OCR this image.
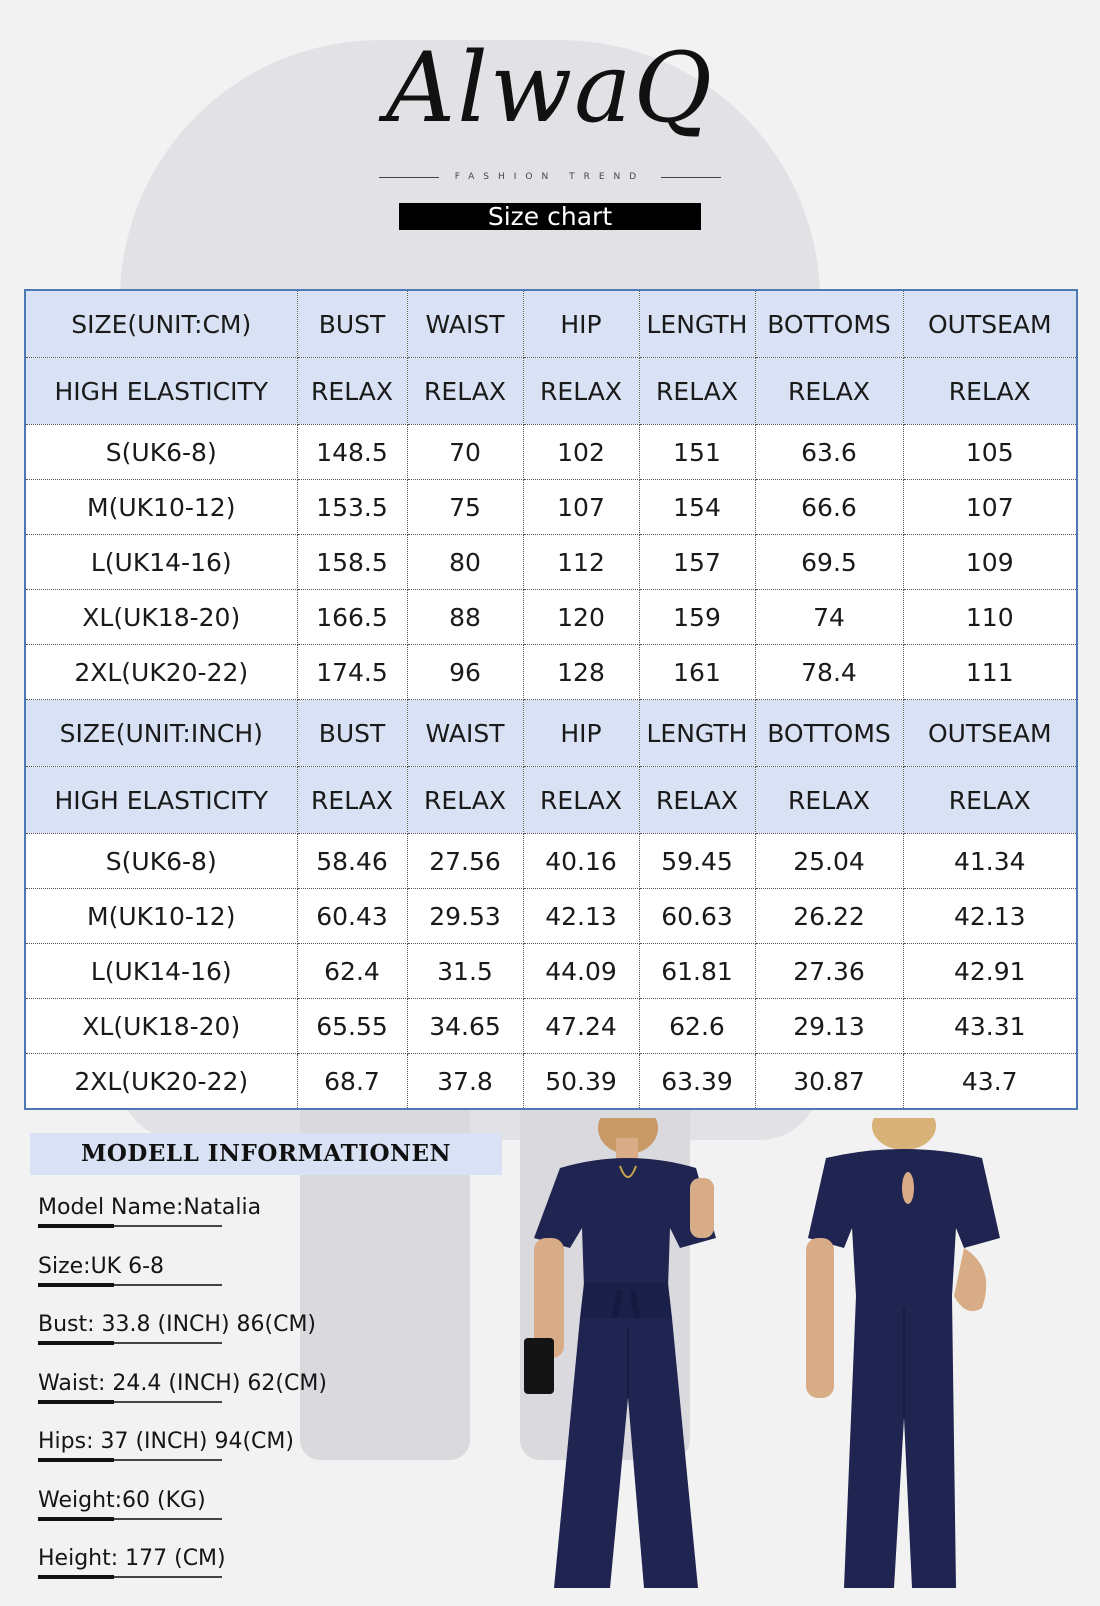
AlwaQ
FASHION TREND
Size chart
SIZE(UNIT:CM)	BUST	WAIST	HIP	LENGTH	BOTTOMS	OUTSEAM
HIGH ELASTICITY	RELAX	RELAX	RELAX	RELAX	RELAX	RELAX
S(UK6-8)	148.5	70	102	151	63.6	105
M(UK10-12)	153.5	75	107	154	66.6	107
L(UK14-16)	158.5	80	112	157	69.5	109
XL(UK18-20)	166.5	88	120	159	74	110
2XL(UK20-22)	174.5	96	128	161	78.4	111
SIZE(UNIT:INCH)	BUST	WAIST	HIP	LENGTH	BOTTOMS	OUTSEAM
HIGH ELASTICITY	RELAX	RELAX	RELAX	RELAX	RELAX	RELAX
S(UK6-8)	58.46	27.56	40.16	59.45	25.04	41.34
M(UK10-12)	60.43	29.53	42.13	60.63	26.22	42.13
L(UK14-16)	62.4	31.5	44.09	61.81	27.36	42.91
XL(UK18-20)	65.55	34.65	47.24	62.6	29.13	43.31
2XL(UK20-22)	68.7	37.8	50.39	63.39	30.87	43.7
MODELL INFORMATIONEN
Model Name:Natalia
Size:UK 6-8
Bust: 33.8 (INCH) 86(CM)
Waist: 24.4 (INCH) 62(CM)
Hips: 37 (INCH) 94(CM)
Weight:60 (KG)
Height: 177 (CM)
